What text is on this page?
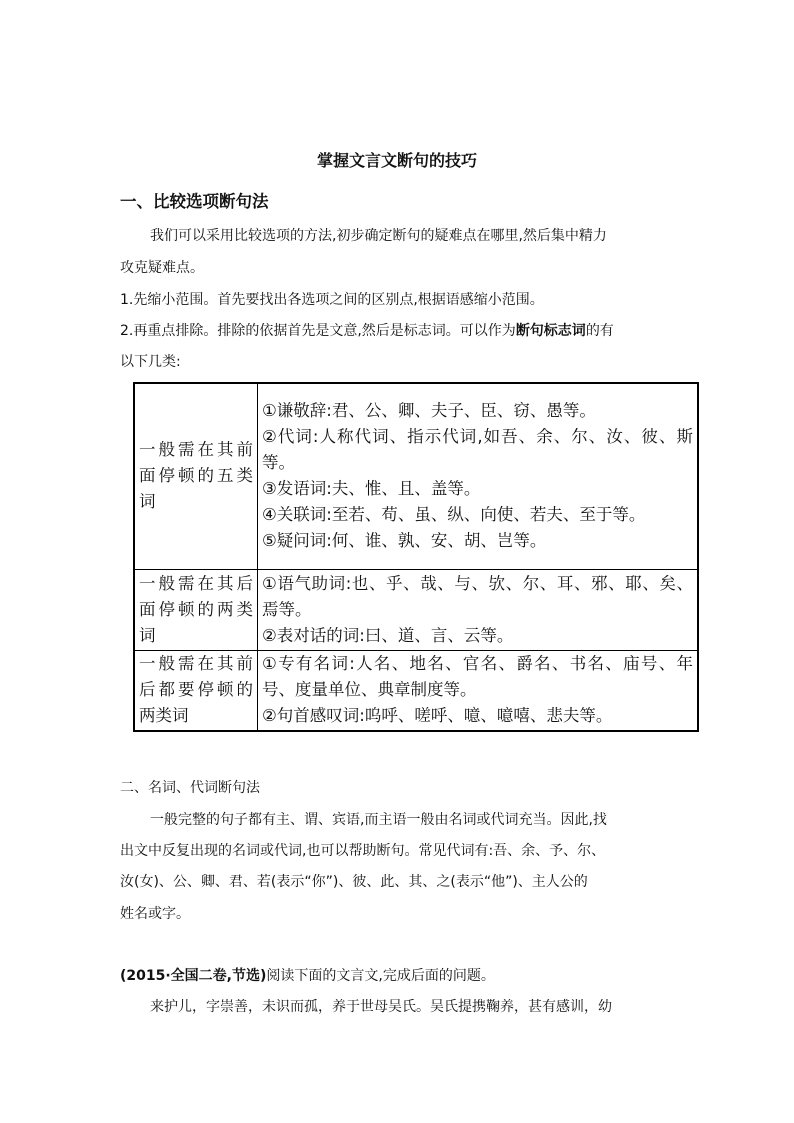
掌握文言文断句的技巧
一、比较选项断句法
我们可以采用比较选项的方法,初步确定断句的疑难点在哪里,然后集中精力
攻克疑难点。
1.先缩小范围。首先要找出各选项之间的区别点,根据语感缩小范围。
2.再重点排除。排除的依据首先是文意,然后是标志词。可以作为断句标志词的有
以下几类:
一般需在其前面停顿的五类词	①谦敬辞:君、公、卿、夫子、臣、窃、愚等。
②代词:人称代词、指示代词,如吾、余、尔、汝、彼、斯等。
③发语词:夫、惟、且、盖等。
④关联词:至若、苟、虽、纵、向使、若夫、至于等。
⑤疑问词:何、谁、孰、安、胡、岂等。

一般需在其后面停顿的两类词	①语气助词:也、乎、哉、与、欤、尔、耳、邪、耶、矣、焉等。
②表对话的词:曰、道、言、云等。

一般需在其前后都要停顿的两类词	①专有名词:人名、地名、官名、爵名、书名、庙号、年号、度量单位、典章制度等。
②句首感叹词:呜呼、嗟呼、噫、噫嘻、悲夫等。
二、名词、代词断句法
一般完整的句子都有主、谓、宾语,而主语一般由名词或代词充当。因此,找
出文中反复出现的名词或代词,也可以帮助断句。常见代词有:吾、余、予、尔、
汝(女)、公、卿、君、若(表示“你”)、彼、此、其、之(表示“他”)、主人公的
姓名或字。
(2015·全国二卷,节选)阅读下面的文言文,完成后面的问题。
来护儿，字崇善，未识而孤，养于世母吴氏。吴氏提携鞠养，甚有感训，幼
